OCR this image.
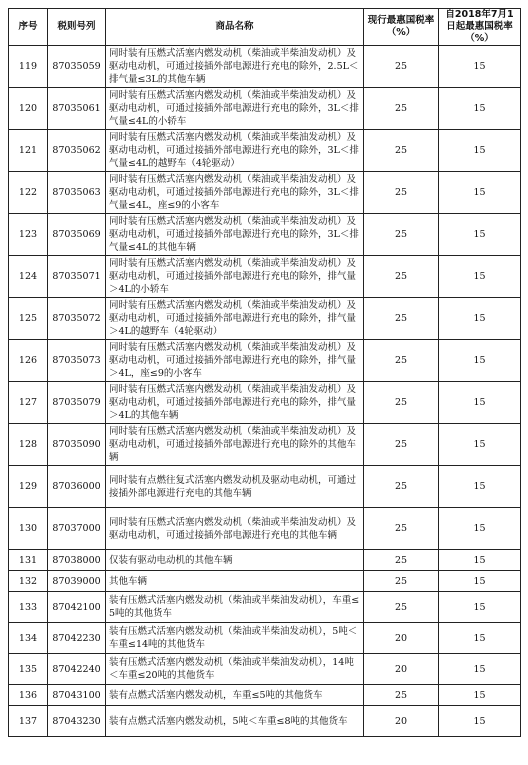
序号	税则号列	商品名称	现行最惠国税率（%）	自2018年7月1日起最惠国税率（%）
119	87035059	同时装有压燃式活塞内燃发动机（柴油或半柴油发动机）及驱动电动机，可通过接插外部电源进行充电的除外，2.5L＜排气量≤3L的其他车辆	25	15
120	87035061	同时装有压燃式活塞内燃发动机（柴油或半柴油发动机）及驱动电动机，可通过接插外部电源进行充电的除外，3L＜排气量≤4L的小轿车	25	15
121	87035062	同时装有压燃式活塞内燃发动机（柴油或半柴油发动机）及驱动电动机，可通过接插外部电源进行充电的除外，3L＜排气量≤4L的越野车（4轮驱动）	25	15
122	87035063	同时装有压燃式活塞内燃发动机（柴油或半柴油发动机）及驱动电动机，可通过接插外部电源进行充电的除外，3L＜排气量≤4L，座≤9的小客车	25	15
123	87035069	同时装有压燃式活塞内燃发动机（柴油或半柴油发动机）及驱动电动机，可通过接插外部电源进行充电的除外，3L＜排气量≤4L的其他车辆	25	15
124	87035071	同时装有压燃式活塞内燃发动机（柴油或半柴油发动机）及驱动电动机，可通过接插外部电源进行充电的除外，排气量＞4L的小轿车	25	15
125	87035072	同时装有压燃式活塞内燃发动机（柴油或半柴油发动机）及驱动电动机，可通过接插外部电源进行充电的除外，排气量＞4L的越野车（4轮驱动）	25	15
126	87035073	同时装有压燃式活塞内燃发动机（柴油或半柴油发动机）及驱动电动机，可通过接插外部电源进行充电的除外，排气量＞4L，座≤9的小客车	25	15
127	87035079	同时装有压燃式活塞内燃发动机（柴油或半柴油发动机）及驱动电动机，可通过接插外部电源进行充电的除外，排气量＞4L的其他车辆	25	15
128	87035090	同时装有压燃式活塞内燃发动机（柴油或半柴油发动机）及驱动电动机，可通过接插外部电源进行充电的除外的其他车辆	25	15
129	87036000	同时装有点燃往复式活塞内燃发动机及驱动电动机，可通过接插外部电源进行充电的其他车辆	25	15
130	87037000	同时装有压燃式活塞内燃发动机（柴油或半柴油发动机）及驱动电动机，可通过接插外部电源进行充电的其他车辆	25	15
131	87038000	仅装有驱动电动机的其他车辆	25	15
132	87039000	其他车辆	25	15
133	87042100	装有压燃式活塞内燃发动机（柴油或半柴油发动机），车重≤5吨的其他货车	25	15
134	87042230	装有压燃式活塞内燃发动机（柴油或半柴油发动机），5吨＜车重≤14吨的其他货车	20	15
135	87042240	装有压燃式活塞内燃发动机（柴油或半柴油发动机），14吨＜车重≤20吨的其他货车	20	15
136	87043100	装有点燃式活塞内燃发动机，车重≤5吨的其他货车	25	15
137	87043230	装有点燃式活塞内燃发动机，5吨＜车重≤8吨的其他货车	20	15
